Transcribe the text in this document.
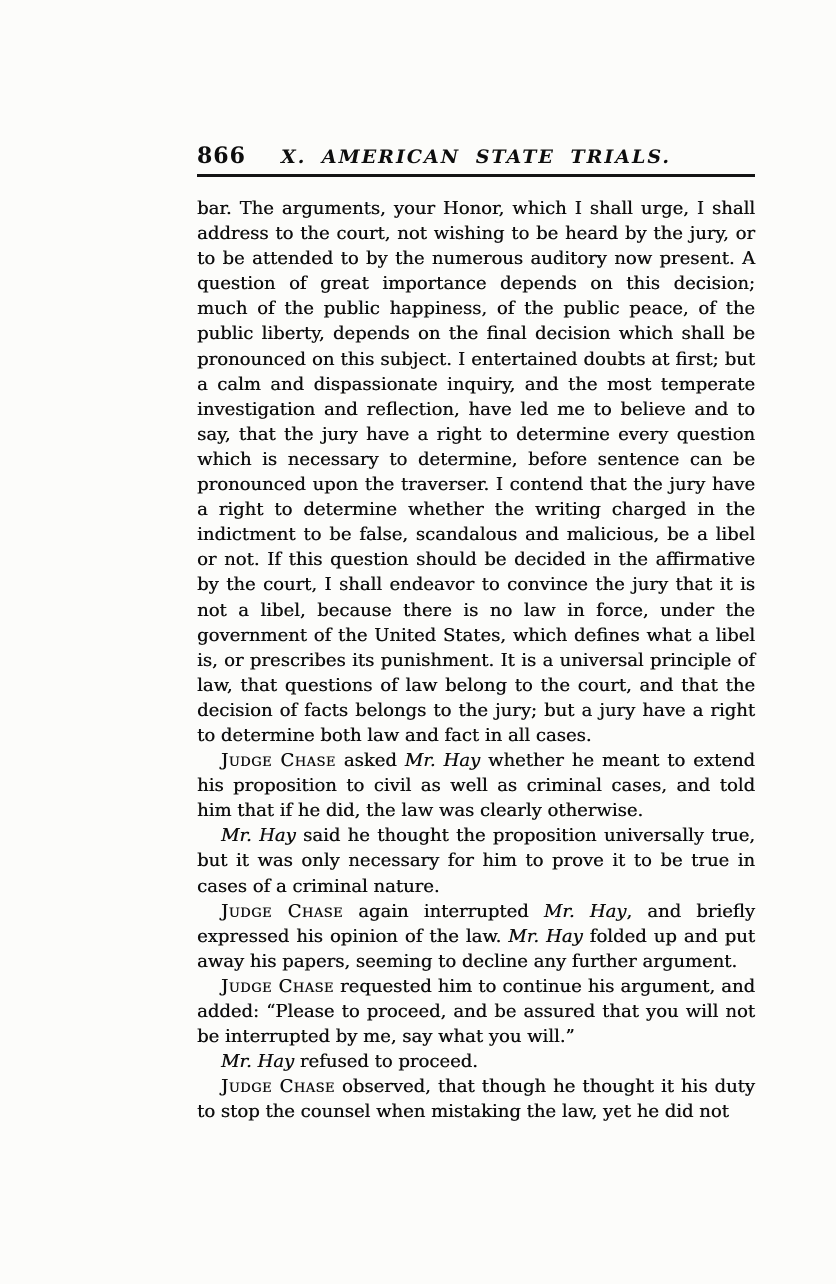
866 X. AMERICAN STATE TRIALS.

bar. The arguments, your Honor, which I shall urge, I shall address to the court, not wishing to be heard by the jury, or to be attended to by the numerous auditory now present. A question of great importance depends on this decision; much of the public happiness, of the public peace, of the public liberty, depends on the final decision which shall be pronounced on this subject. I entertained doubts at first; but a calm and dispassionate inquiry, and the most temperate investigation and reflection, have led me to believe and to say, that the jury have a right to determine every question which is necessary to determine, before sentence can be pronounced upon the traverser. I contend that the jury have a right to determine whether the writing charged in the indictment to be false, scandalous and malicious, be a libel or not. If this question should be decided in the affirmative by the court, I shall endeavor to convince the jury that it is not a libel, because there is no law in force, under the government of the United States, which defines what a libel is, or prescribes its punishment. It is a universal principle of law, that questions of law belong to the court, and that the decision of facts belongs to the jury; but a jury have a right to determine both law and fact in all cases.

Judge Chase asked Mr. Hay whether he meant to extend his proposition to civil as well as criminal cases, and told him that if he did, the law was clearly otherwise.

Mr. Hay said he thought the proposition universally true, but it was only necessary for him to prove it to be true in cases of a criminal nature.

Judge Chase again interrupted Mr. Hay, and briefly expressed his opinion of the law. Mr. Hay folded up and put away his papers, seeming to decline any further argument.

Judge Chase requested him to continue his argument, and added: “Please to proceed, and be assured that you will not be interrupted by me, say what you will.”

Mr. Hay refused to proceed.

Judge Chase observed, that though he thought it his duty to stop the counsel when mistaking the law, yet he did not
